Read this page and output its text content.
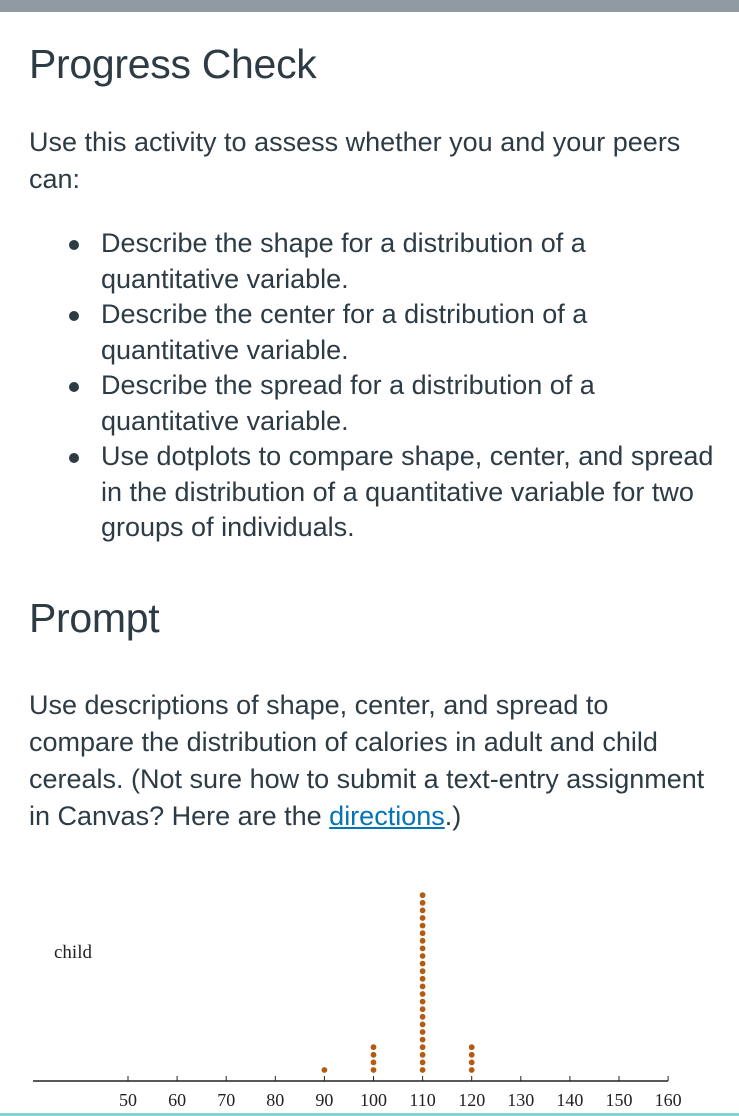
Progress Check

Use this activity to assess whether you and your peers can:

Describe the shape for a distribution of a quantitative variable.
Describe the center for a distribution of a quantitative variable.
Describe the spread for a distribution of a quantitative variable.
Use dotplots to compare shape, center, and spread in the distribution of a quantitative variable for two groups of individuals.
Prompt

Use descriptions of shape, center, and spread to compare the distribution of calories in adult and child cereals. (Not sure how to submit a text-entry assignment in Canvas? Here are the directions.)

50 60 70 80 90 100 110 120 130 140 150 160
child
